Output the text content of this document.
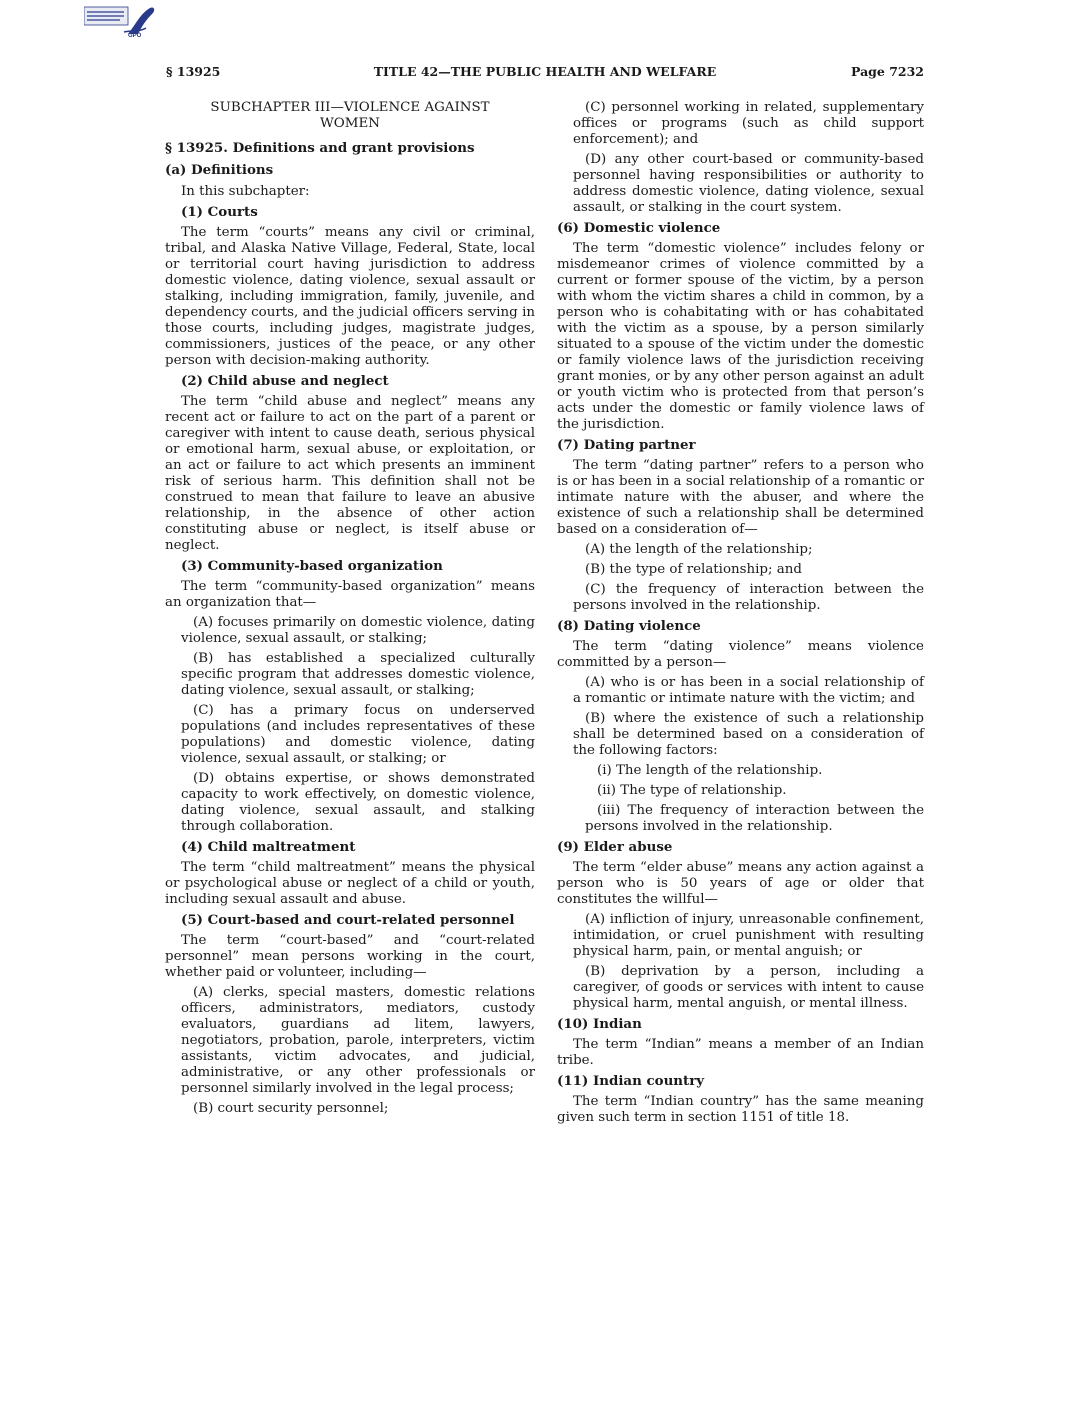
GPO
§ 13925	TITLE 42—THE PUBLIC HEALTH AND WELFARE	Page 7232
SUBCHAPTER III—VIOLENCE AGAINST WOMEN
§ 13925. Definitions and grant provisions
(a) Definitions

In this subchapter:

(1) Courts

The term “courts” means any civil or criminal, tribal, and Alaska Native Village, Federal, State, local or territorial court having jurisdiction to address domestic violence, dating violence, sexual assault or stalking, including immigration, family, juvenile, and dependency courts, and the judicial officers serving in those courts, including judges, magistrate judges, commissioners, justices of the peace, or any other person with decision-making authority.

(2) Child abuse and neglect

The term “child abuse and neglect” means any recent act or failure to act on the part of a parent or caregiver with intent to cause death, serious physical or emotional harm, sexual abuse, or exploitation, or an act or failure to act which presents an imminent risk of serious harm. This definition shall not be construed to mean that failure to leave an abusive relationship, in the absence of other action constituting abuse or neglect, is itself abuse or neglect.

(3) Community-based organization

The term “community-based organization” means an organization that—

(A) focuses primarily on domestic violence, dating violence, sexual assault, or stalking;

(B) has established a specialized culturally specific program that addresses domestic violence, dating violence, sexual assault, or stalking;

(C) has a primary focus on underserved populations (and includes representatives of these populations) and domestic violence, dating violence, sexual assault, or stalking; or

(D) obtains expertise, or shows demonstrated capacity to work effectively, on domestic violence, dating violence, sexual assault, and stalking through collaboration.

(4) Child maltreatment

The term “child maltreatment” means the physical or psychological abuse or neglect of a child or youth, including sexual assault and abuse.

(5) Court-based and court-related personnel

The term “court-based” and “court-related personnel” mean persons working in the court, whether paid or volunteer, including—

(A) clerks, special masters, domestic relations officers, administrators, mediators, custody evaluators, guardians ad litem, lawyers, negotiators, probation, parole, interpreters, victim assistants, victim advocates, and judicial, administrative, or any other professionals or personnel similarly involved in the legal process;

(B) court security personnel;

(C) personnel working in related, supplementary offices or programs (such as child support enforcement); and

(D) any other court-based or community-based personnel having responsibilities or authority to address domestic violence, dating violence, sexual assault, or stalking in the court system.

(6) Domestic violence

The term “domestic violence” includes felony or misdemeanor crimes of violence committed by a current or former spouse of the victim, by a person with whom the victim shares a child in common, by a person who is cohabitating with or has cohabitated with the victim as a spouse, by a person similarly situated to a spouse of the victim under the domestic or family violence laws of the jurisdiction receiving grant monies, or by any other person against an adult or youth victim who is protected from that person’s acts under the domestic or family violence laws of the jurisdiction.

(7) Dating partner

The term “dating partner” refers to a person who is or has been in a social relationship of a romantic or intimate nature with the abuser, and where the existence of such a relationship shall be determined based on a consideration of—

(A) the length of the relationship;

(B) the type of relationship; and

(C) the frequency of interaction between the persons involved in the relationship.

(8) Dating violence

The term “dating violence” means violence committed by a person—

(A) who is or has been in a social relationship of a romantic or intimate nature with the victim; and

(B) where the existence of such a relationship shall be determined based on a consideration of the following factors:

(i) The length of the relationship.

(ii) The type of relationship.

(iii) The frequency of interaction between the persons involved in the relationship.

(9) Elder abuse

The term “elder abuse” means any action against a person who is 50 years of age or older that constitutes the willful—

(A) infliction of injury, unreasonable confinement, intimidation, or cruel punishment with resulting physical harm, pain, or mental anguish; or

(B) deprivation by a person, including a caregiver, of goods or services with intent to cause physical harm, mental anguish, or mental illness.

(10) Indian

The term “Indian” means a member of an Indian tribe.

(11) Indian country

The term “Indian country” has the same meaning given such term in section 1151 of title 18.
